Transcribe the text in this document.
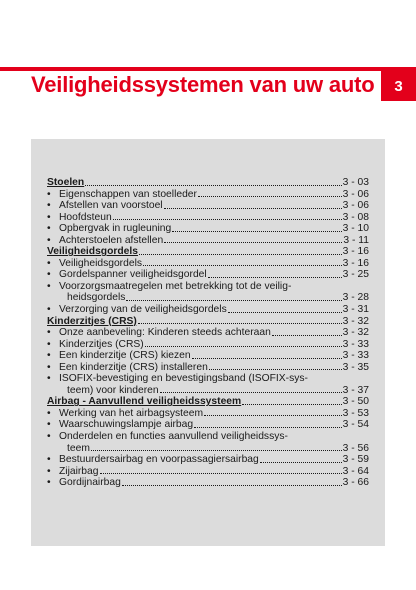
Veiligheidssystemen van uw auto	3
Stoelen	3 - 03
• Eigenschappen van stoelleder	3 - 06
• Afstellen van voorstoel	3 - 06
• Hoofdsteun	3 - 08
• Opbergvak in rugleuning	3 - 10
• Achterstoelen afstellen	3 - 11
Veiligheidsgordels	3 - 16
• Veiligheidsgordels	3 - 16
• Gordelspanner veiligheidsgordel	3 - 25
• Voorzorgsmaatregelen met betrekking tot de veilig-
heidsgordels	3 - 28
• Verzorging van de veiligheidsgordels	3 - 31
Kinderzitjes (CRS)	3 - 32
• Onze aanbeveling: Kinderen steeds achteraan	3 - 32
• Kinderzitjes (CRS)	3 - 33
• Een kinderzitje (CRS) kiezen	3 - 33
• Een kinderzitje (CRS) installeren	3 - 35
• ISOFIX-bevestiging en bevestigingsband (ISOFIX-sys-
teem) voor kinderen	3 - 37
Airbag - Aanvullend veiligheidssysteem	3 - 50
• Werking van het airbagsysteem	3 - 53
• Waarschuwingslampje airbag	3 - 54
• Onderdelen en functies aanvullend veiligheidssys-
teem	3 - 56
• Bestuurdersairbag en voorpassagiersairbag	3 - 59
• Zijairbag	3 - 64
• Gordijnairbag	3 - 66
